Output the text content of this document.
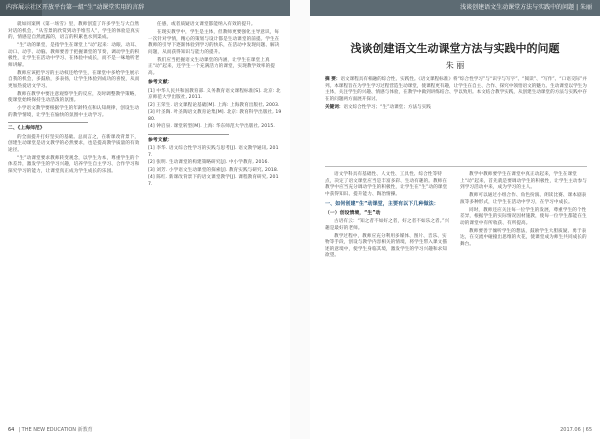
内容展示社区开放平台第一組“生”动课堂实用的言辞	浅谈创建语文生动课堂方法与实践中的问题 | 朱丽

就如同案例《第一场雪》里，教师创造了许多学生与大自然对话的机会，“从雪景的欣赏到动手堆雪人”，学生的体验是真实的，情感是自然流露的，语言的积累也水到渠成。

“生”动的课堂，是指学生在课堂上“动”起来：动眼、动耳、动口、动手、动脑。教师要善于把握课堂的节奏，调动学生的积极性，让学生在活动中学习、在体验中成长，而不是一味地听老师讲解。

教师应该把学习的主动权还给学生，在课堂中多给学生展示自我的机会，多鼓励，多表扬，让学生体验到成功的喜悦，从而更加热爱语文学习。

教师在教学中要注意观察学生的反应，及时调整教学策略，使课堂始终保持生动活泼的氛围。

小学语文教学要根据学生的年龄特点和认知规律，创设生动的教学情境，让学生在愉快的氛围中主动学习。

二、《上海师范》

的全面提升打好坚实的基础。总而言之，在新课改背景下，创建生动课堂是语文教学的必然要求，也是提高教学质量的有效途径。

“生”动课堂要求教师转变观念，以学生为本，尊重学生的个体差异，激发学生的学习兴趣，培养学生自主学习、合作学习和探究学习的能力，让课堂真正成为学生成长的乐园。

任感，或者质疑语文课堂都能纳入有效的提升。

在现实教学中，学生是主体，但教师更要强化主导意识，每一次针对学情，精心的策划与设计都是生动课堂的前提。学生在教师的引导下逐渐体验到学习的快乐，在活动中发现问题、解决问题，从而获得知识与能力的提升。

我们应当把握语文生动课堂的内涵，让学生在课堂上真正“动”起来，还学生一个充满活力的课堂，实现教学效率的提高。

参考文献：

[1] 中华人民共和国教育部. 义务教育语文课程标准[S]. 北京: 北京师范大学出版社, 2011.

[2] 王荣生. 语文课程论基础[M]. 上海: 上海教育出版社, 2003.

[3] 叶圣陶. 叶圣陶语文教育论集[M]. 北京: 教育科学出版社, 1980.

[4] 钟启泉. 课堂转型[M]. 上海: 华东师范大学出版社, 2015.

参考文献：

[1] 李华. 语文综合性学习的实践与思考[J]. 语文教学通讯, 2017.

[2] 张明. 生动课堂的构建策略研究[J]. 中小学教育, 2016.

[3] 刘芳. 小学语文生动课堂的探索[J]. 教育实践与研究, 2018.

[4] 陈红. 新课改背景下的语文课堂教学[J]. 课程教育研究, 2017.

浅谈创建语文生动课堂方法与实践中的问题
朱 丽

摘 要：语文课程具有相融的综合性、实践性。《语文课程标准》将“综合性学习”与“识字与写字”、“阅读”、“写作”、“口语交际”并列。本课程旨在为学生学习过程营造生动课堂，使课程更有趣，让学生在自主、合作、探究中领悟语文的魅力。生动课堂以学生为主体，关注学生的兴趣、情感与体验，在教学中做到讲练结合、学以致用。本文结合教学实践，从创建生动课堂的方法与实践中存在的问题两方面展开探讨。

关键词：语文综合性学习；“生”动课堂；方法与实践

语文学科具有基础性、人文性、工具性、综合性等特点，决定了语文课堂应当是丰富多彩、生动有趣的。教师在教学中应当充分调动学生的积极性，让学生在“生”动的课堂中获得知识、提升能力、陶冶情操。

一、如何创建“生”动课堂，主要有以下几种做法：
（一）创设情境，“生”动

古语有云：“知之者不如好之者，好之者不如乐之者。”兴趣是最好的老师。

教学过程中，教师应充分利用多媒体、图片、音乐、实物等手段，创设与教学内容相关的情境，将学生带入课文描述的意境中，使学生身临其境，激发学生的学习兴趣和求知欲望。

教学中教师要学生在课堂中真正动起来，学生在课堂上“动”起来，首先就是要调动学生的积极性，让学生主动参与到学习活动中来，成为学习的主人。

教师可以通过小组合作、角色扮演、朗读比赛、课本剧表演等多种形式，让学生在活动中学习，在学习中成长。

同时，教师还应关注每一位学生的发展，尊重学生的个性差异，根据学生的实际情况因材施教，使每一位学生都能在生动的课堂中有所收获、有所提高。

教师要善于倾听学生的想法，鼓励学生大胆质疑、勇于表达，在交流中碰撞出思维的火花，使课堂成为师生共同成长的舞台。

64 | THE NEW EDUCATION 新教育	2017.06 | 65
